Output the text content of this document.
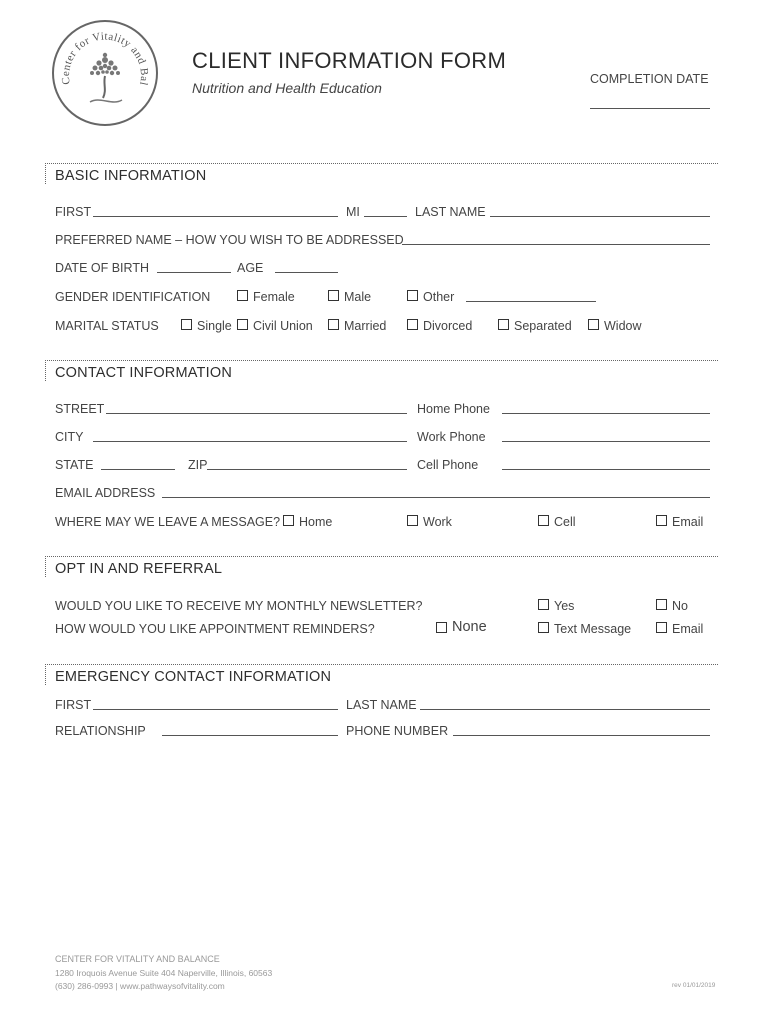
Center for Vitality and Bal
CLIENT INFORMATION FORM
Nutrition and Health Education
COMPLETION DATE
BASIC INFORMATION
FIRST	MI	LAST NAME
PREFERRED NAME – HOW YOU WISH TO BE ADDRESSED
DATE OF BIRTH	AGE
GENDER IDENTIFICATION	Female	Male	Other
MARITAL STATUS	Single Civil Union	Married	Divorced	Separated	Widow
CONTACT INFORMATION
STREET	Home Phone
CITY	Work Phone
STATE	ZIP	Cell Phone
EMAIL ADDRESS
WHERE MAY WE LEAVE A MESSAGE? Home	Work	Cell	Email
OPT IN AND REFERRAL
WOULD YOU LIKE TO RECEIVE MY MONTHLY NEWSLETTER?	Yes	No
HOW WOULD YOU LIKE APPOINTMENT REMINDERS?	None	Text Message	Email
EMERGENCY CONTACT INFORMATION
FIRST	LAST NAME
RELATIONSHIP	PHONE NUMBER
CENTER FOR VITALITY AND BALANCE
1280 Iroquois Avenue Suite 404 Naperville, Illinois, 60563
(630) 286-0993 | www.pathwaysofvitality.com	rev 01/01/2019
